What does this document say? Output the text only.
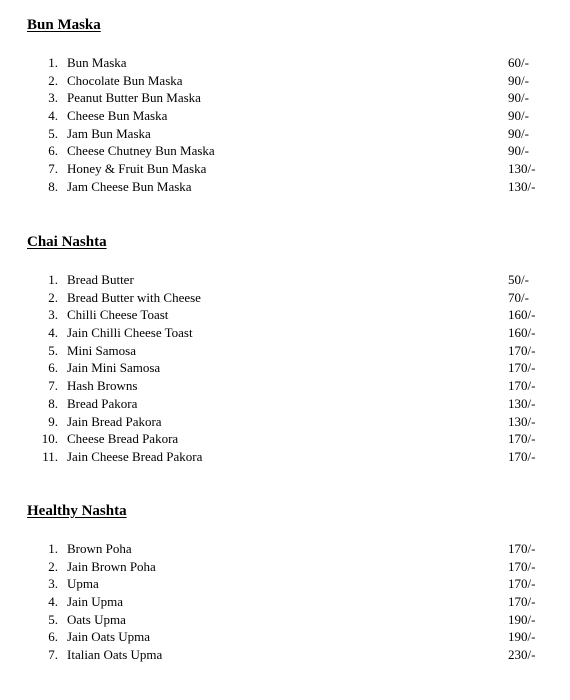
Bun Maska
1. Bun Maska	60/-
2. Chocolate Bun Maska	90/-
3. Peanut Butter Bun Maska	90/-
4. Cheese Bun Maska	90/-
5. Jam Bun Maska	90/-
6. Cheese Chutney Bun Maska	90/-
7. Honey & Fruit Bun Maska	130/-
8. Jam Cheese Bun Maska	130/-
Chai Nashta
1. Bread Butter	50/-
2. Bread Butter with Cheese	70/-
3. Chilli Cheese Toast	160/-
4. Jain Chilli Cheese Toast	160/-
5. Mini Samosa	170/-
6. Jain Mini Samosa	170/-
7. Hash Browns	170/-
8. Bread Pakora	130/-
9. Jain Bread Pakora	130/-
10. Cheese Bread Pakora	170/-
11. Jain Cheese Bread Pakora	170/-
Healthy Nashta
1. Brown Poha	170/-
2. Jain Brown Poha	170/-
3. Upma	170/-
4. Jain Upma	170/-
5. Oats Upma	190/-
6. Jain Oats Upma	190/-
7. Italian Oats Upma	230/-
